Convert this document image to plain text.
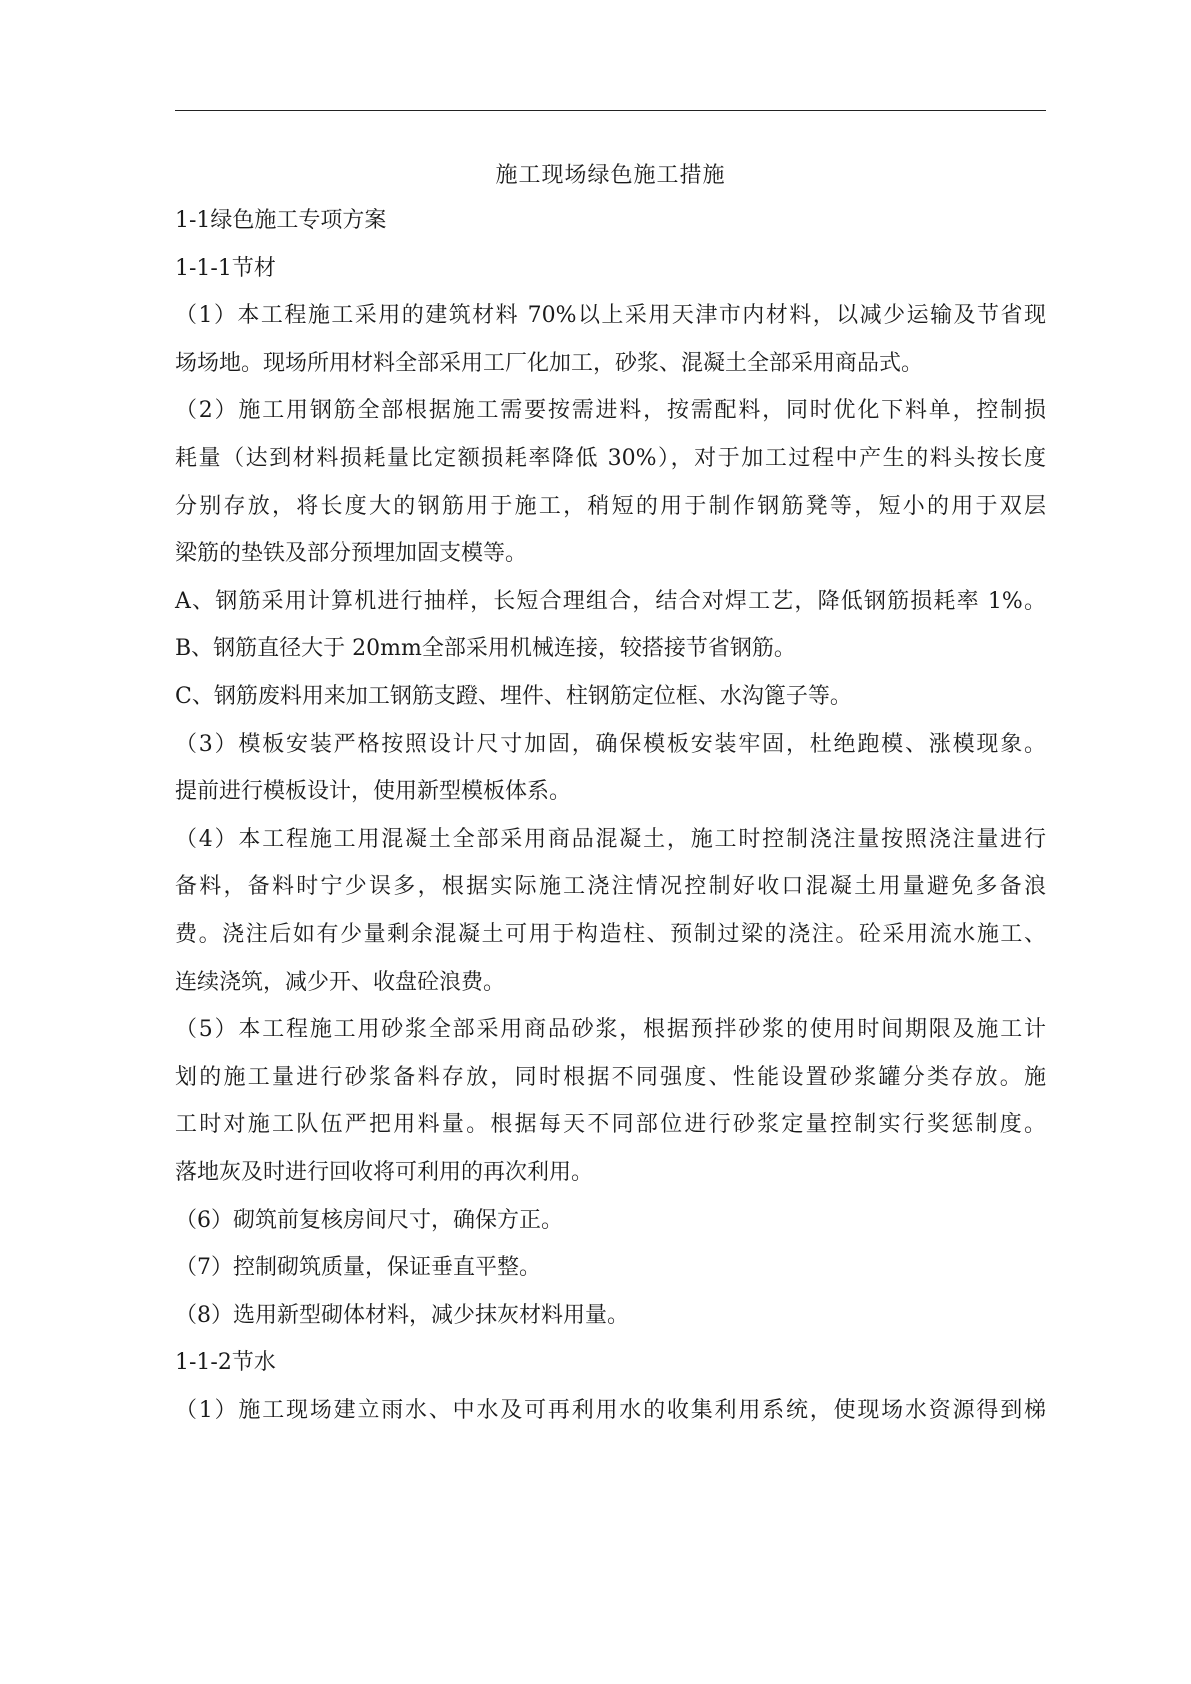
施工现场绿色施工措施
1-1绿色施工专项方案
1-1-1节材
（1）本工程施工采用的建筑材料 70%以上采用天津市内材料，以减少运输及节省现
场场地。现场所用材料全部采用工厂化加工，砂浆、混凝土全部采用商品式。
（2）施工用钢筋全部根据施工需要按需进料，按需配料，同时优化下料单，控制损
耗量（达到材料损耗量比定额损耗率降低 30%），对于加工过程中产生的料头按长度
分别存放，将长度大的钢筋用于施工，稍短的用于制作钢筋凳等，短小的用于双层
梁筋的垫铁及部分预埋加固支模等。
A、钢筋采用计算机进行抽样，长短合理组合，结合对焊工艺，降低钢筋损耗率 1%。
B、钢筋直径大于 20mm全部采用机械连接，较搭接节省钢筋。
C、钢筋废料用来加工钢筋支蹬、埋件、柱钢筋定位框、水沟篦子等。
（3）模板安装严格按照设计尺寸加固，确保模板安装牢固，杜绝跑模、涨模现象。
提前进行模板设计，使用新型模板体系。
（4）本工程施工用混凝土全部采用商品混凝土，施工时控制浇注量按照浇注量进行
备料，备料时宁少误多，根据实际施工浇注情况控制好收口混凝土用量避免多备浪
费。浇注后如有少量剩余混凝土可用于构造柱、预制过梁的浇注。砼采用流水施工、
连续浇筑，减少开、收盘砼浪费。
（5）本工程施工用砂浆全部采用商品砂浆，根据预拌砂浆的使用时间期限及施工计
划的施工量进行砂浆备料存放，同时根据不同强度、性能设置砂浆罐分类存放。施
工时对施工队伍严把用料量。根据每天不同部位进行砂浆定量控制实行奖惩制度。
落地灰及时进行回收将可利用的再次利用。
（6）砌筑前复核房间尺寸，确保方正。
（7）控制砌筑质量，保证垂直平整。
（8）选用新型砌体材料，减少抹灰材料用量。
1-1-2节水
（1）施工现场建立雨水、中水及可再利用水的收集利用系统，使现场水资源得到梯
